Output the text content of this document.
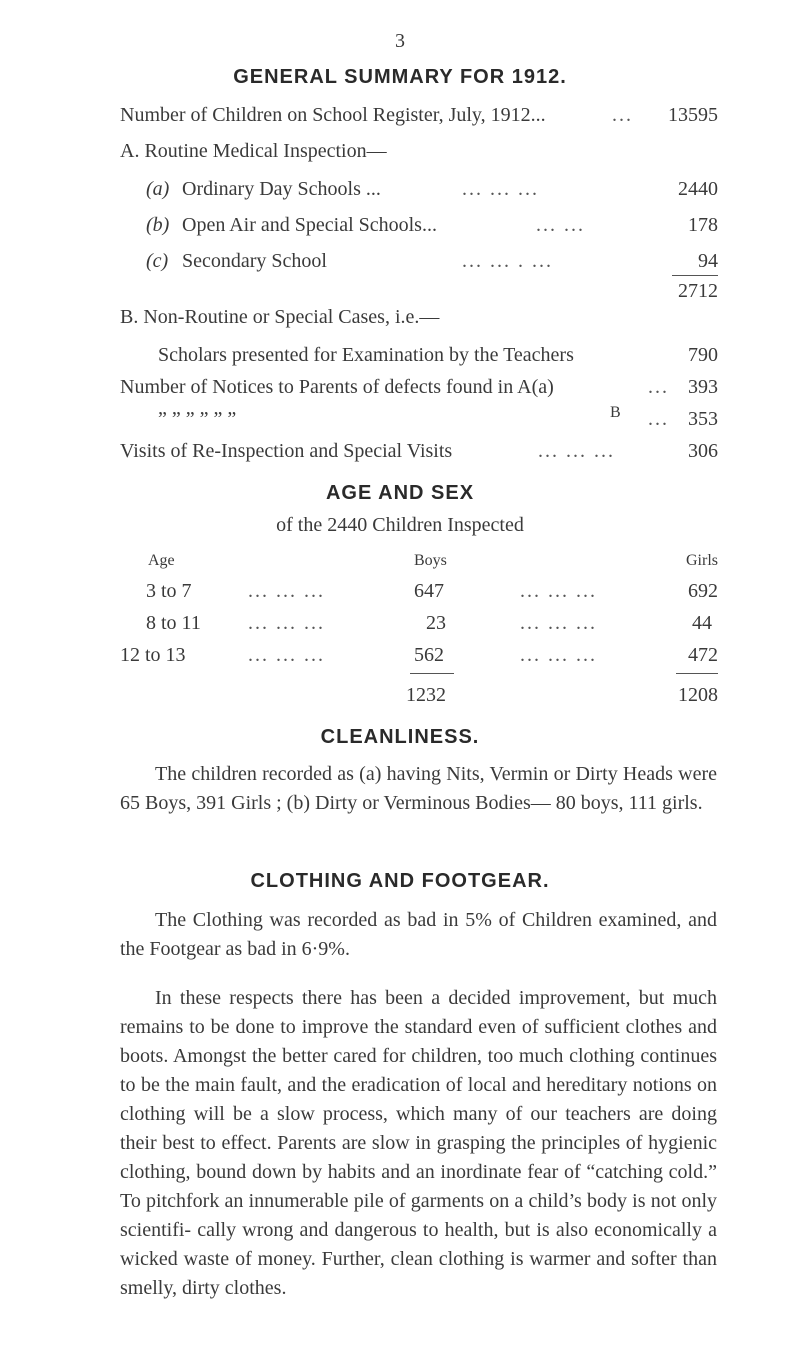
3
GENERAL SUMMARY FOR 1912.
Number of Children on School Register, July, 1912...	... 13595
A. Routine Medical Inspection—
(a) Ordinary Day Schools ...	... ... ...	2440
(b) Open Air and Special Schools...	... ...	178
(c) Secondary School	... ... . ...	94
2712
B. Non-Routine or Special Cases, i.e.—
Scholars presented for Examination by the Teachers	790
Number of Notices to Parents of defects found in A(a)	... 393
” ” ” ” ” ”	B ... 353
Visits of Re-Inspection and Special Visits	... ... ...	306
AGE AND SEX
of the 2440 Children Inspected
Age	Boys	Girls
3 to 7	... ... ...	647	... ... ...	692
8 to 11 ... ... ...	23	... ... ...	44
12 to 13	... ... ...	562	... ... ...	472
1232	1208
CLEANLINESS.
The children recorded as (a) having Nits, Vermin or Dirty Heads were 65 Boys, 391 Girls ; (b) Dirty or Verminous Bodies— 80 boys, 111 girls.
CLOTHING AND FOOTGEAR.
The Clothing was recorded as bad in 5% of Children examined, and the Footgear as bad in 6·9%.
In these respects there has been a decided improvement, but much remains to be done to improve the standard even of sufficient clothes and boots. Amongst the better cared for children, too much clothing continues to be the main fault, and the eradication of local and hereditary notions on clothing will be a slow process, which many of our teachers are doing their best to effect. Parents are slow in grasping the principles of hygienic clothing, bound down by habits and an inordinate fear of “catching cold.” To pitchfork an innumerable pile of garments on a child’s body is not only scientifi- cally wrong and dangerous to health, but is also economically a wicked waste of money. Further, clean clothing is warmer and softer than smelly, dirty clothes.
